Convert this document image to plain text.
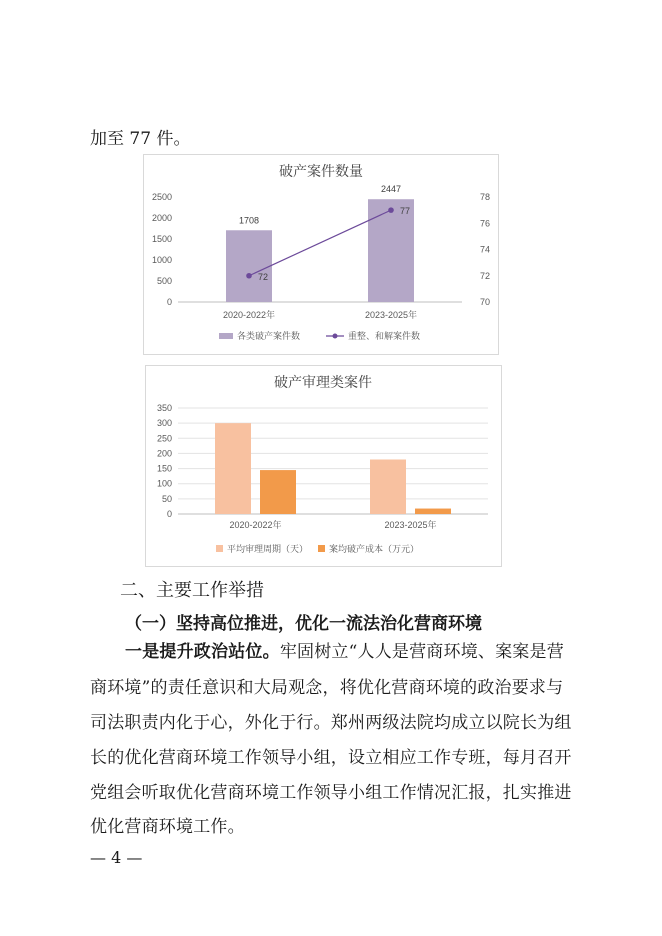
加至 77 件。
破产案件数量
0
500
1000
1500
2000
2500
70
72
74
76
78
1708
2447
2020-2022年	2023-2025年
72
77
各类破产案件数	重整、和解案件数
破产审理类案件
0
50
100
150
200
250
300
350
2020-2022年	2023-2025年
平均审理周期（天） 案均破产成本（万元）
二、主要工作举措
（一）坚持高位推进，优化一流法治化营商环境
一是提升政治站位。牢固树立“人人是营商环境、案案是营
商环境”的责任意识和大局观念，将优化营商环境的政治要求与
司法职责内化于心，外化于行。郑州两级法院均成立以院长为组
长的优化营商环境工作领导小组，设立相应工作专班，每月召开
党组会听取优化营商环境工作领导小组工作情况汇报，扎实推进
优化营商环境工作。
— 4 —
